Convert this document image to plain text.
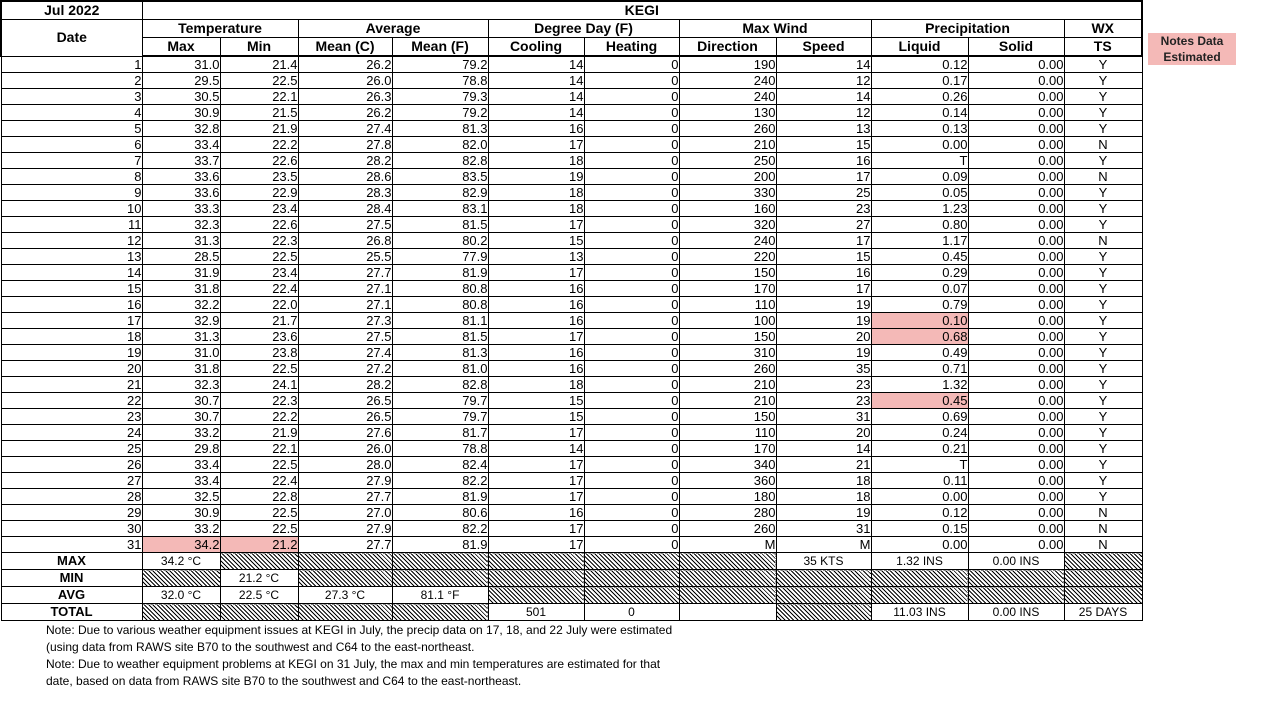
Jul 2022	KEGI										
Date	Temperature		Average		Degree Day (F)		Max Wind		Precipitation		WX
	Max	Min	Mean (C)	Mean (F)	Cooling	Heating	Direction	Speed	Liquid	Solid	TS
1	31.0	21.4	26.2	79.2	14	0	190	14	0.12	0.00	Y
2	29.5	22.5	26.0	78.8	14	0	240	12	0.17	0.00	Y
3	30.5	22.1	26.3	79.3	14	0	240	14	0.26	0.00	Y
4	30.9	21.5	26.2	79.2	14	0	130	12	0.14	0.00	Y
5	32.8	21.9	27.4	81.3	16	0	260	13	0.13	0.00	Y
6	33.4	22.2	27.8	82.0	17	0	210	15	0.00	0.00	N
7	33.7	22.6	28.2	82.8	18	0	250	16	T	0.00	Y
8	33.6	23.5	28.6	83.5	19	0	200	17	0.09	0.00	N
9	33.6	22.9	28.3	82.9	18	0	330	25	0.05	0.00	Y
10	33.3	23.4	28.4	83.1	18	0	160	23	1.23	0.00	Y
11	32.3	22.6	27.5	81.5	17	0	320	27	0.80	0.00	Y
12	31.3	22.3	26.8	80.2	15	0	240	17	1.17	0.00	N
13	28.5	22.5	25.5	77.9	13	0	220	15	0.45	0.00	Y
14	31.9	23.4	27.7	81.9	17	0	150	16	0.29	0.00	Y
15	31.8	22.4	27.1	80.8	16	0	170	17	0.07	0.00	Y
16	32.2	22.0	27.1	80.8	16	0	110	19	0.79	0.00	Y
17	32.9	21.7	27.3	81.1	16	0	100	19	0.10	0.00	Y
18	31.3	23.6	27.5	81.5	17	0	150	20	0.68	0.00	Y
19	31.0	23.8	27.4	81.3	16	0	310	19	0.49	0.00	Y
20	31.8	22.5	27.2	81.0	16	0	260	35	0.71	0.00	Y
21	32.3	24.1	28.2	82.8	18	0	210	23	1.32	0.00	Y
22	30.7	22.3	26.5	79.7	15	0	210	23	0.45	0.00	Y
23	30.7	22.2	26.5	79.7	15	0	150	31	0.69	0.00	Y
24	33.2	21.9	27.6	81.7	17	0	110	20	0.24	0.00	Y
25	29.8	22.1	26.0	78.8	14	0	170	14	0.21	0.00	Y
26	33.4	22.5	28.0	82.4	17	0	340	21	T	0.00	Y
27	33.4	22.4	27.9	82.2	17	0	360	18	0.11	0.00	Y
28	32.5	22.8	27.7	81.9	17	0	180	18	0.00	0.00	Y
29	30.9	22.5	27.0	80.6	16	0	280	19	0.12	0.00	N
30	33.2	22.5	27.9	82.2	17	0	260	31	0.15	0.00	N
31	34.2	21.2	27.7	81.9	17	0	M	M	0.00	0.00	N
MAX	34.2 °C							35 KTS	1.32 INS	0.00 INS	
MIN		21.2 °C									
AVG	32.0 °C	22.5 °C	27.3 °C	81.1 °F							
TOTAL					501	0			11.03 INS	0.00 INS	25 DAYS
Notes Data
Estimated

Note: Due to various weather equipment issues at KEGI in July, the precip data on 17, 18, and 22 July were estimated (using data from RAWS site B70 to the southwest and C64 to the east-northeast.

Note: Due to weather equipment problems at KEGI on 31 July, the max and min temperatures are estimated for that date, based on data from RAWS site B70 to the southwest and C64 to the east-northeast.
